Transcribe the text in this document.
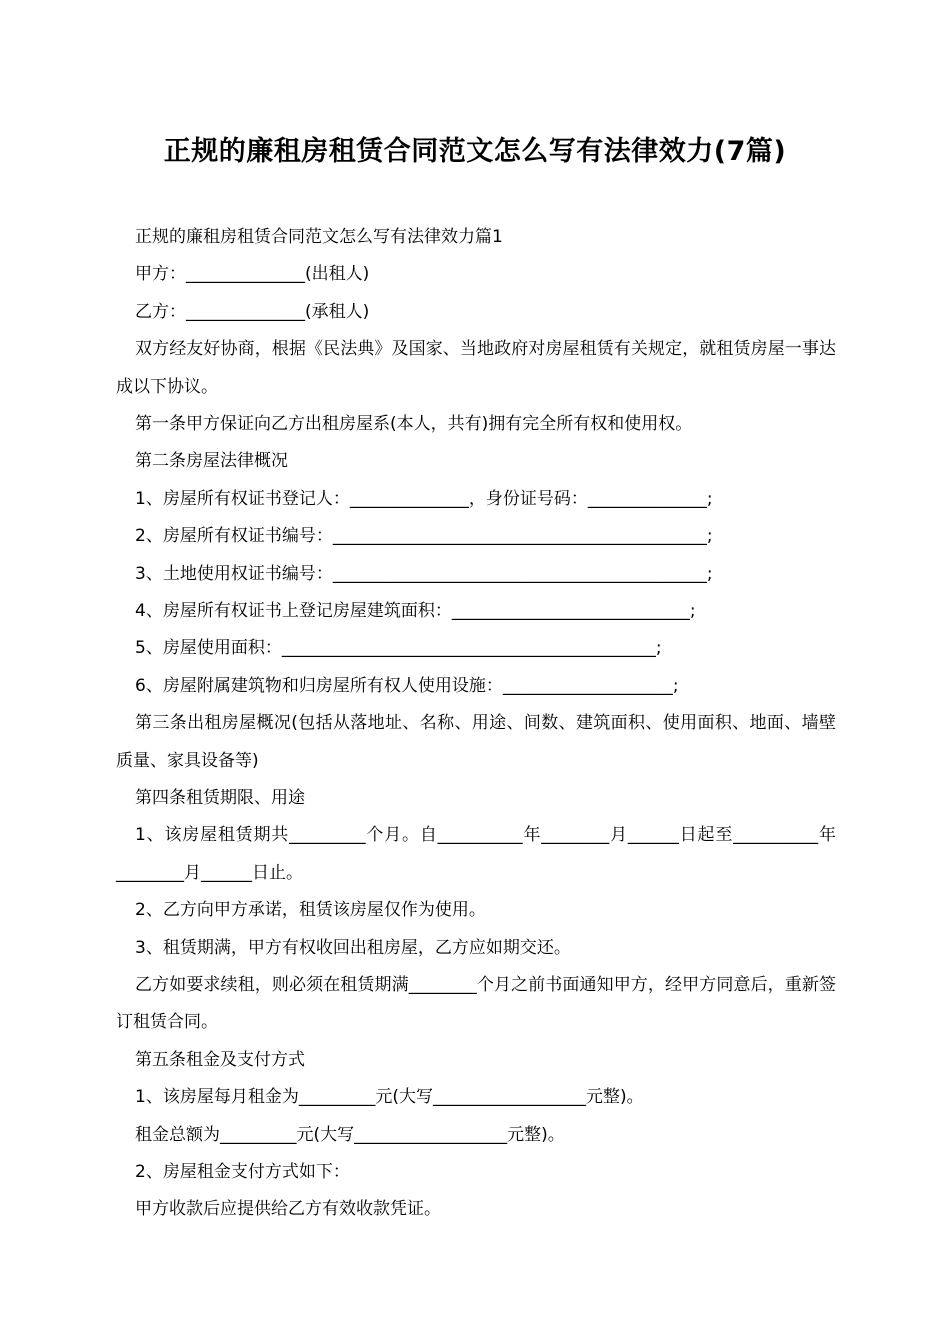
正规的廉租房租赁合同范文怎么写有法律效力(7篇)

正规的廉租房租赁合同范文怎么写有法律效力篇1

甲方：______________(出租人)

乙方：______________(承租人)

双方经友好协商，根据《民法典》及国家、当地政府对房屋租赁有关规定，就租赁房屋一事达成以下协议。

第一条甲方保证向乙方出租房屋系(本人，共有)拥有完全所有权和使用权。

第二条房屋法律概况

1、房屋所有权证书登记人：______________，身份证号码：______________;

2、房屋所有权证书编号：____________________________________________;

3、土地使用权证书编号：____________________________________________;

4、房屋所有权证书上登记房屋建筑面积：____________________________;

5、房屋使用面积：____________________________________________;

6、房屋附属建筑物和归房屋所有权人使用设施：____________________;

第三条出租房屋概况(包括从落地址、名称、用途、间数、建筑面积、使用面积、地面、墙壁质量、家具设备等)

第四条租赁期限、用途

1、该房屋租赁期共_________个月。自__________年________月______日起至__________年________月______日止。

2、乙方向甲方承诺，租赁该房屋仅作为使用。

3、租赁期满，甲方有权收回出租房屋，乙方应如期交还。

乙方如要求续租，则必须在租赁期满________个月之前书面通知甲方，经甲方同意后，重新签订租赁合同。

第五条租金及支付方式

1、该房屋每月租金为_________元(大写__________________元整)。

租金总额为_________元(大写__________________元整)。

2、房屋租金支付方式如下：

甲方收款后应提供给乙方有效收款凭证。
